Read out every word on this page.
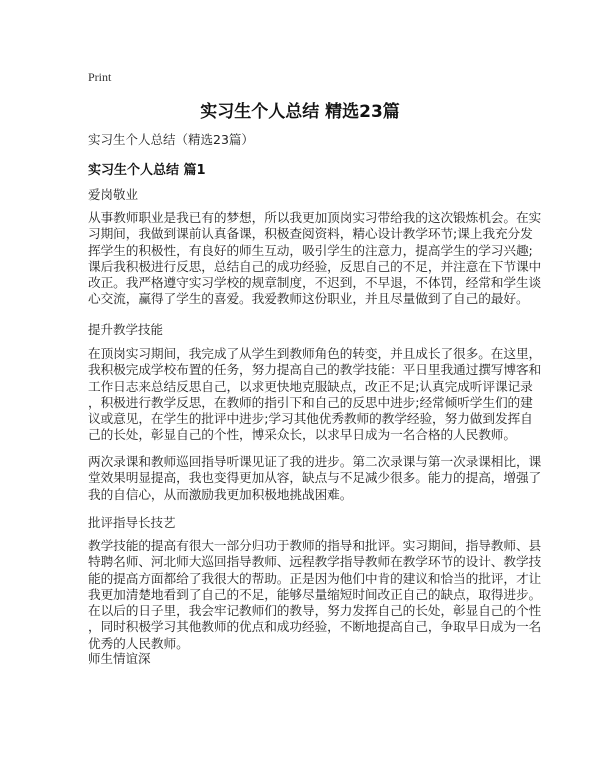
Print
实习生个人总结 精选23篇
实习生个人总结（精选23篇）
实习生个人总结 篇1
爱岗敬业
从事教师职业是我已有的梦想，所以我更加顶岗实习带给我的这次锻炼机会。在实
习期间，我做到课前认真备课，积极查阅资料，精心设计教学环节;课上我充分发
挥学生的积极性，有良好的师生互动，吸引学生的注意力，提高学生的学习兴趣;
课后我积极进行反思，总结自己的成功经验，反思自己的不足，并注意在下节课中
改正。我严格遵守实习学校的规章制度，不迟到，不早退，不体罚，经常和学生谈
心交流，赢得了学生的喜爱。我爱教师这份职业，并且尽量做到了自己的最好。
提升教学技能
在顶岗实习期间，我完成了从学生到教师角色的转变，并且成长了很多。在这里，
我积极完成学校布置的任务，努力提高自己的教学技能：平日里我通过撰写博客和
工作日志来总结反思自己，以求更快地克服缺点，改正不足;认真完成听评课记录
，积极进行教学反思，在教师的指引下和自己的反思中进步;经常倾听学生们的建
议或意见，在学生的批评中进步;学习其他优秀教师的教学经验，努力做到发挥自
己的长处，彰显自己的个性，博采众长，以求早日成为一名合格的人民教师。
两次录课和教师巡回指导听课见证了我的进步。第二次录课与第一次录课相比，课
堂效果明显提高，我也变得更加从容，缺点与不足减少很多。能力的提高，增强了
我的自信心，从而激励我更加积极地挑战困难。
批评指导长技艺
教学技能的提高有很大一部分归功于教师的指导和批评。实习期间，指导教师、县
特聘名师、河北师大巡回指导教师、远程教学指导教师在教学环节的设计、教学技
能的提高方面都给了我很大的帮助。正是因为他们中肯的建议和恰当的批评，才让
我更加清楚地看到了自己的不足，能够尽量缩短时间改正自己的缺点，取得进步。
在以后的日子里，我会牢记教师们的教导，努力发挥自己的长处，彰显自己的个性
，同时积极学习其他教师的优点和成功经验，不断地提高自己，争取早日成为一名
优秀的人民教师。
师生情谊深
